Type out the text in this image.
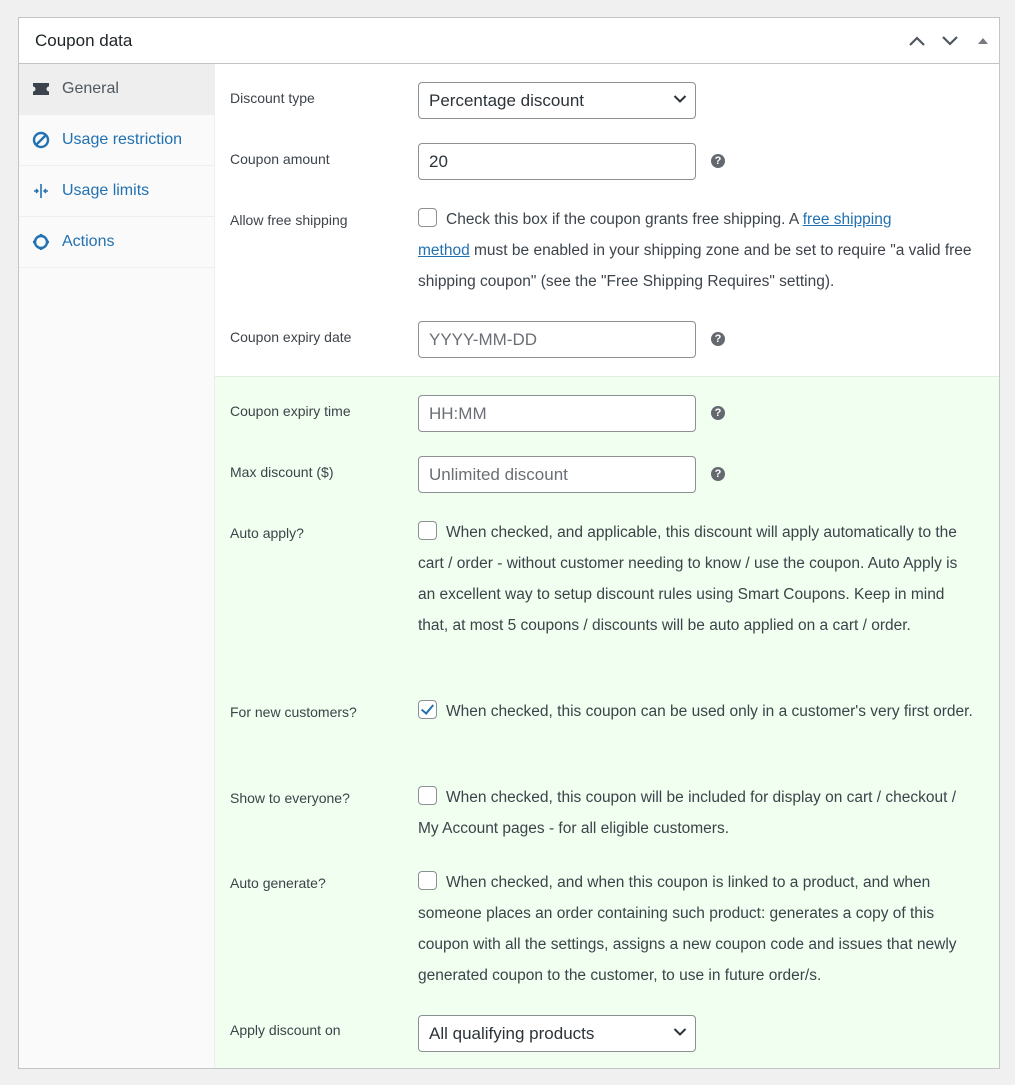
Coupon data
General
Usage restriction
Usage limits
Actions
Discount type	Percentage discount
Coupon amount	20	?
Allow free shipping	Check this box if the coupon grants free shipping. A free shipping
method must be enabled in your shipping zone and be set to require "a valid free shipping coupon" (see the "Free Shipping Requires" setting).
Coupon expiry date	YYYY-MM-DD	?
Coupon expiry time	HH:MM	?
Max discount ($)	Unlimited discount	?
Auto apply?	When checked, and applicable, this discount will apply automatically to the cart / order - without customer needing to know / use the coupon. Auto Apply is an excellent way to setup discount rules using Smart Coupons. Keep in mind that, at most 5 coupons / discounts will be auto applied on a cart / order.
For new customers?	When checked, this coupon can be used only in a customer's very first order.
Show to everyone?	When checked, this coupon will be included for display on cart / checkout / My Account pages - for all eligible customers.
Auto generate?	When checked, and when this coupon is linked to a product, and when someone places an order containing such product: generates a copy of this coupon with all the settings, assigns a new coupon code and issues that newly generated coupon to the customer, to use in future order/s.
Apply discount on	All qualifying products
